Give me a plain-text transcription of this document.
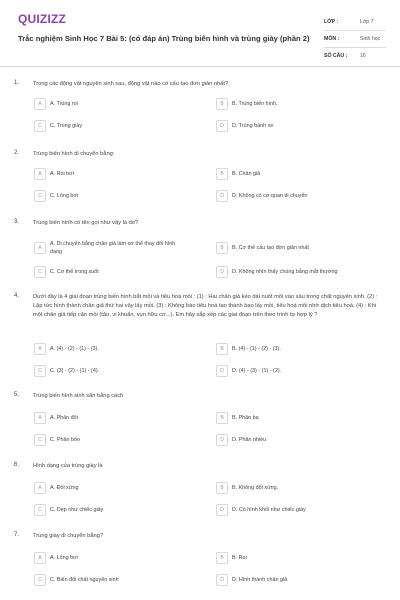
QUIZIZZ
Trắc nghiệm Sinh Học 7 Bài 5: (có đáp án) Trùng biến hình và trùng giày (phần 2)
LỚP :	Lớp 7
MÔN :	Sinh học
SỐ CÂU : 16
1. Trong các động vật nguyên sinh sau, động vật nào có cấu tạo đơn giản nhất?
A	A. Trùng roi	B	B. Trùng biến hình.
C	C. Trùng giày	D	D. Trùng bánh xe
2. Trùng biến hình di chuyển bằng:
A	A. Roi bơi	B	B. Chân giả
C	C. Lông bơi	D	D. Không có cơ quan di chuyển
3. Trùng biến hình có tên gọi như vậy là do?
A
A. Di chuyển bằng chân giả làm cơ thể thay đổi hình dạng
B	B. Cơ thể cấu tạo đơn giản nhất
C	C. Cơ thể trong suốt	D	D. Không nhìn thấy chúng bằng mắt thường
4. Dưới đây là 4 giai đoạn trùng biến hình bắt mồi và tiêu hoá mồi : (1) : Hai chân giả kéo dài nuốt mồi vào sâu trong chất nguyên sinh. (2) : Lập tức hình thành chân giả thứ hai vây lấy mồi. (3) : Không bào tiêu hoá tạo thành bao lấy mồi, tiêu hoá mồi nhờ dịch tiêu hoá. (4) : Khi một chân giả tiếp cận mồi (tảo, vi khuẩn, vụn hữu cơ...). Em hãy sắp xếp các giai đoạn trên theo trình tự hợp lý ?
A	A. (4) - (2) - (1) - (3).	B	B. (4) - (1) - (2) - (3).
C	C. (3) - (2) - (1) - (4).	D	D. (4) - (3) - (1) - (2).
5. Trùng biến hình sinh sản bằng cách
A	A. Phân đôi	B	B. Phân ba
C	C. Phân bốn	D	D. Phân nhiều
6. Hình dạng của trùng giày là
A	A. Đối xứng	B	B. Không đối xứng.
C	C. Dẹp như chiếc giày	D	D. Có hình khối như chiếc giày
7. Trùng giày di chuyển bằng?
A	A. Lông bơi	B	B. Roi
C	C. Biến đổi chất nguyên sinh	D	D. Hình thành chân giả
